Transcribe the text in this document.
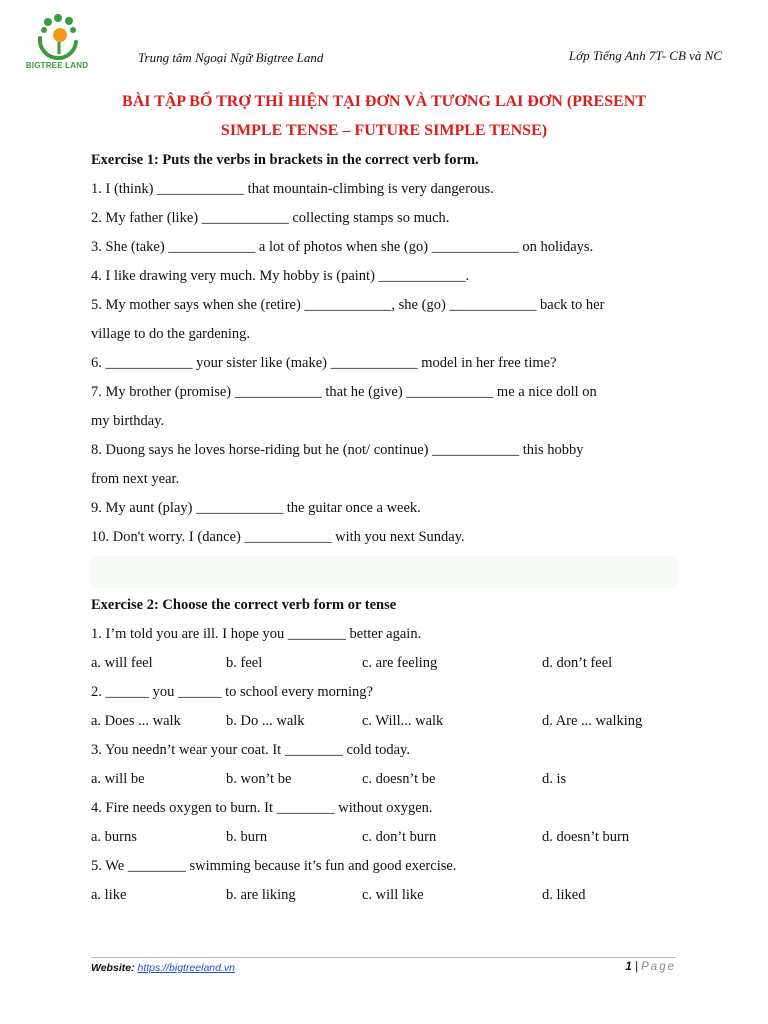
BIGTREE LAND
Trung tâm Ngoại Ngữ Bigtree Land	Lớp Tiếng Anh 7T- CB và NC
BÀI TẬP BỔ TRỢ THÌ HIỆN TẠI ĐƠN VÀ TƯƠNG LAI ĐƠN (PRESENT
SIMPLE TENSE – FUTURE SIMPLE TENSE)
Exercise 1: Puts the verbs in brackets in the correct verb form.
1. I (think) ____________ that mountain-climbing is very dangerous.
2. My father (like) ____________ collecting stamps so much.
3. She (take) ____________ a lot of photos when she (go) ____________ on holidays.
4. I like drawing very much. My hobby is (paint) ____________.
5. My mother says when she (retire) ____________, she (go) ____________ back to her
village to do the gardening.
6. ____________ your sister like (make) ____________ model in her free time?
7. My brother (promise) ____________ that he (give) ____________ me a nice doll on
my birthday.
8. Duong says he loves horse-riding but he (not/ continue) ____________ this hobby
from next year.
9. My aunt (play) ____________ the guitar once a week.
10. Don't worry. I (dance) ____________ with you next Sunday.
Exercise 2: Choose the correct verb form or tense
1. I’m told you are ill. I hope you ________ better again.
a. will feel	b. feel	c. are feeling	d. don’t feel
2. ______ you ______ to school every morning?
a. Does ... walk	b. Do ... walk	c. Will... walk	d. Are ... walking
3. You needn’t wear your coat. It ________ cold today.
a. will be	b. won’t be	c. doesn’t be	d. is
4. Fire needs oxygen to burn. It ________ without oxygen.
a. burns	b. burn	c. don’t burn	d. doesn’t burn
5. We ________ swimming because it’s fun and good exercise.
a. like	b. are liking	c. will like	d. liked
Website: https://bigtreeland.vn	1 | Page
